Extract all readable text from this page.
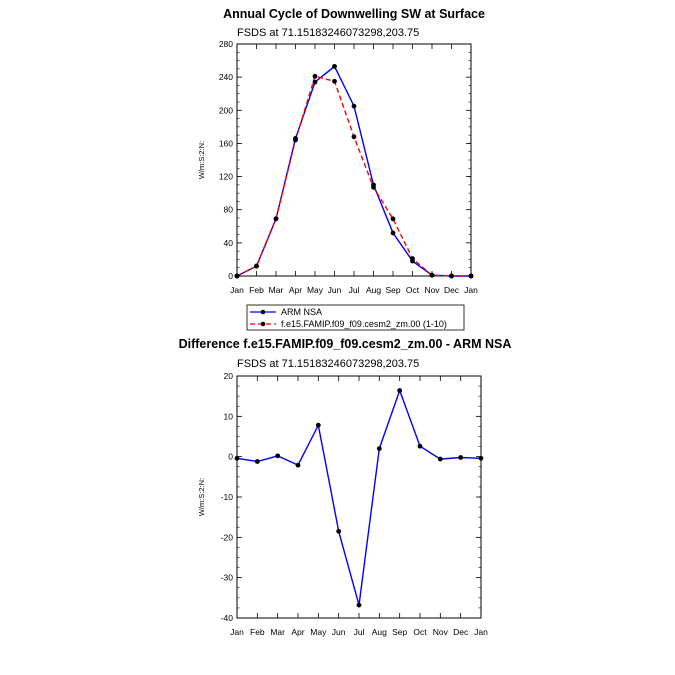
Annual Cycle of Downwelling SW at Surface
FSDS at 71.15183246073298,203.75
W/m:S:2:N:
Jan Feb Mar Apr May Jun Jul Aug Sep Oct Nov Dec Jan
0
40
80
120
160
200
240
280
ARM NSA
f.e15.FAMIP.f09_f09.cesm2_zm.00 (1-10)
Difference f.e15.FAMIP.f09_f09.cesm2_zm.00 - ARM NSA
FSDS at 71.15183246073298,203.75
W/m:S:2:N:
Jan Feb Mar Apr May Jun Jul Aug Sep Oct Nov Dec Jan
-40
-30
-20
-10
0
10
20
